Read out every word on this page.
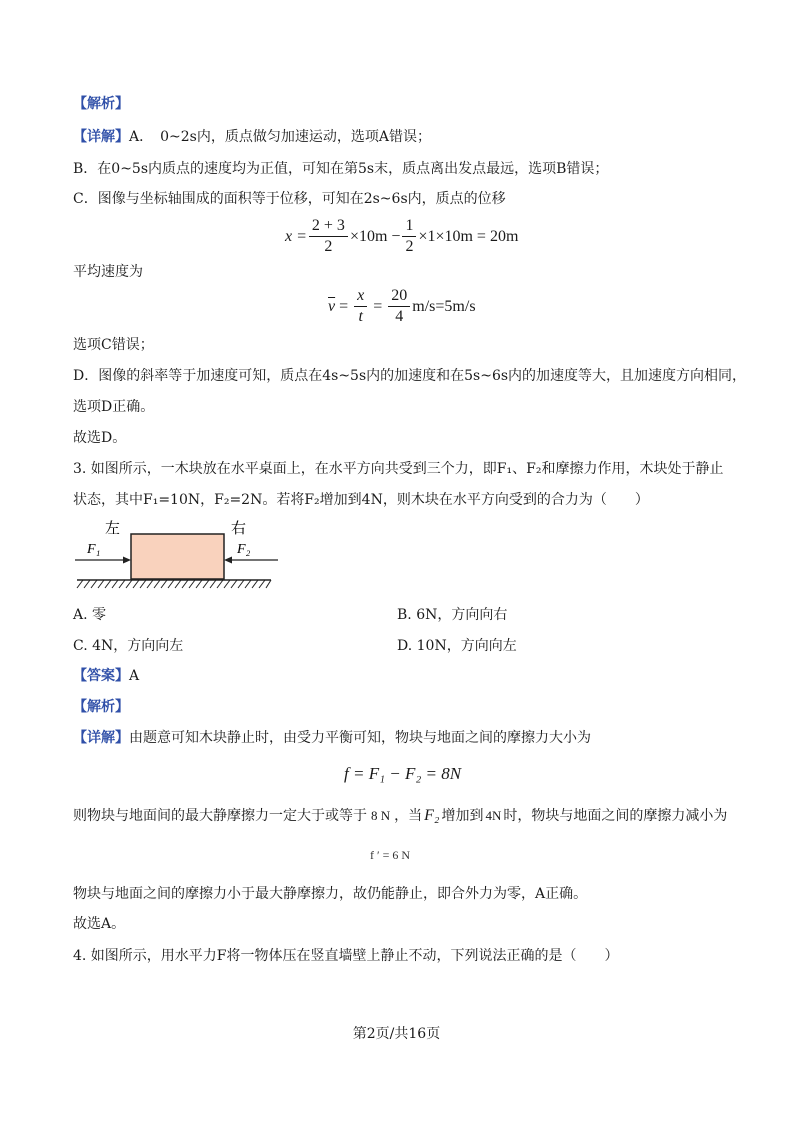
【解析】
【详解】A．　0~2s内，质点做匀加速运动，选项A错误；
B．在0~5s内质点的速度均为正值，可知在第5s末，质点离出发点最远，选项B错误；
C．图像与坐标轴围成的面积等于位移，可知在2s~6s内，质点的位移
$x = \frac{2 + 3}{2} \times 10m - \frac{1}{2} \times 1\times 10m = 20m$
平均速度为
$\overline{v} = \frac{x}{t} = \frac{20}{4} m/s=5m/s$
选项C错误；
D．图像的斜率等于加速度可知，质点在4s~5s内的加速度和在5s~6s内的加速度等大，且加速度方向相同，
选项D正确。
故选D。
3. 如图所示，一木块放在水平桌面上，在水平方向共受到三个力，即F₁、F₂和摩擦力作用，木块处于静止
状态，其中F₁=10N，F₂=2N。若将F₂增加到4N，则木块在水平方向受到的合力为（　　）
左	右
F₁	F₂
A. 零	B. 6N，方向向右
C. 4N，方向向左	D. 10N，方向向左
【答案】A
【解析】
【详解】由题意可知木块静止时，由受力平衡可知，物块与地面之间的摩擦力大小为
f = F₁ − F₂ = 8N
则物块与地面间的最大静摩擦力一定大于或等于 8 N ，当 F₂ 增加到 4N 时，物块与地面之间的摩擦力减小为
f ′ = 6 N
物块与地面之间的摩擦力小于最大静摩擦力，故仍能静止，即合外力为零，A正确。
故选A。
4. 如图所示，用水平力F将一物体压在竖直墙壁上静止不动，下列说法正确的是（　　）
第2页/共16页
